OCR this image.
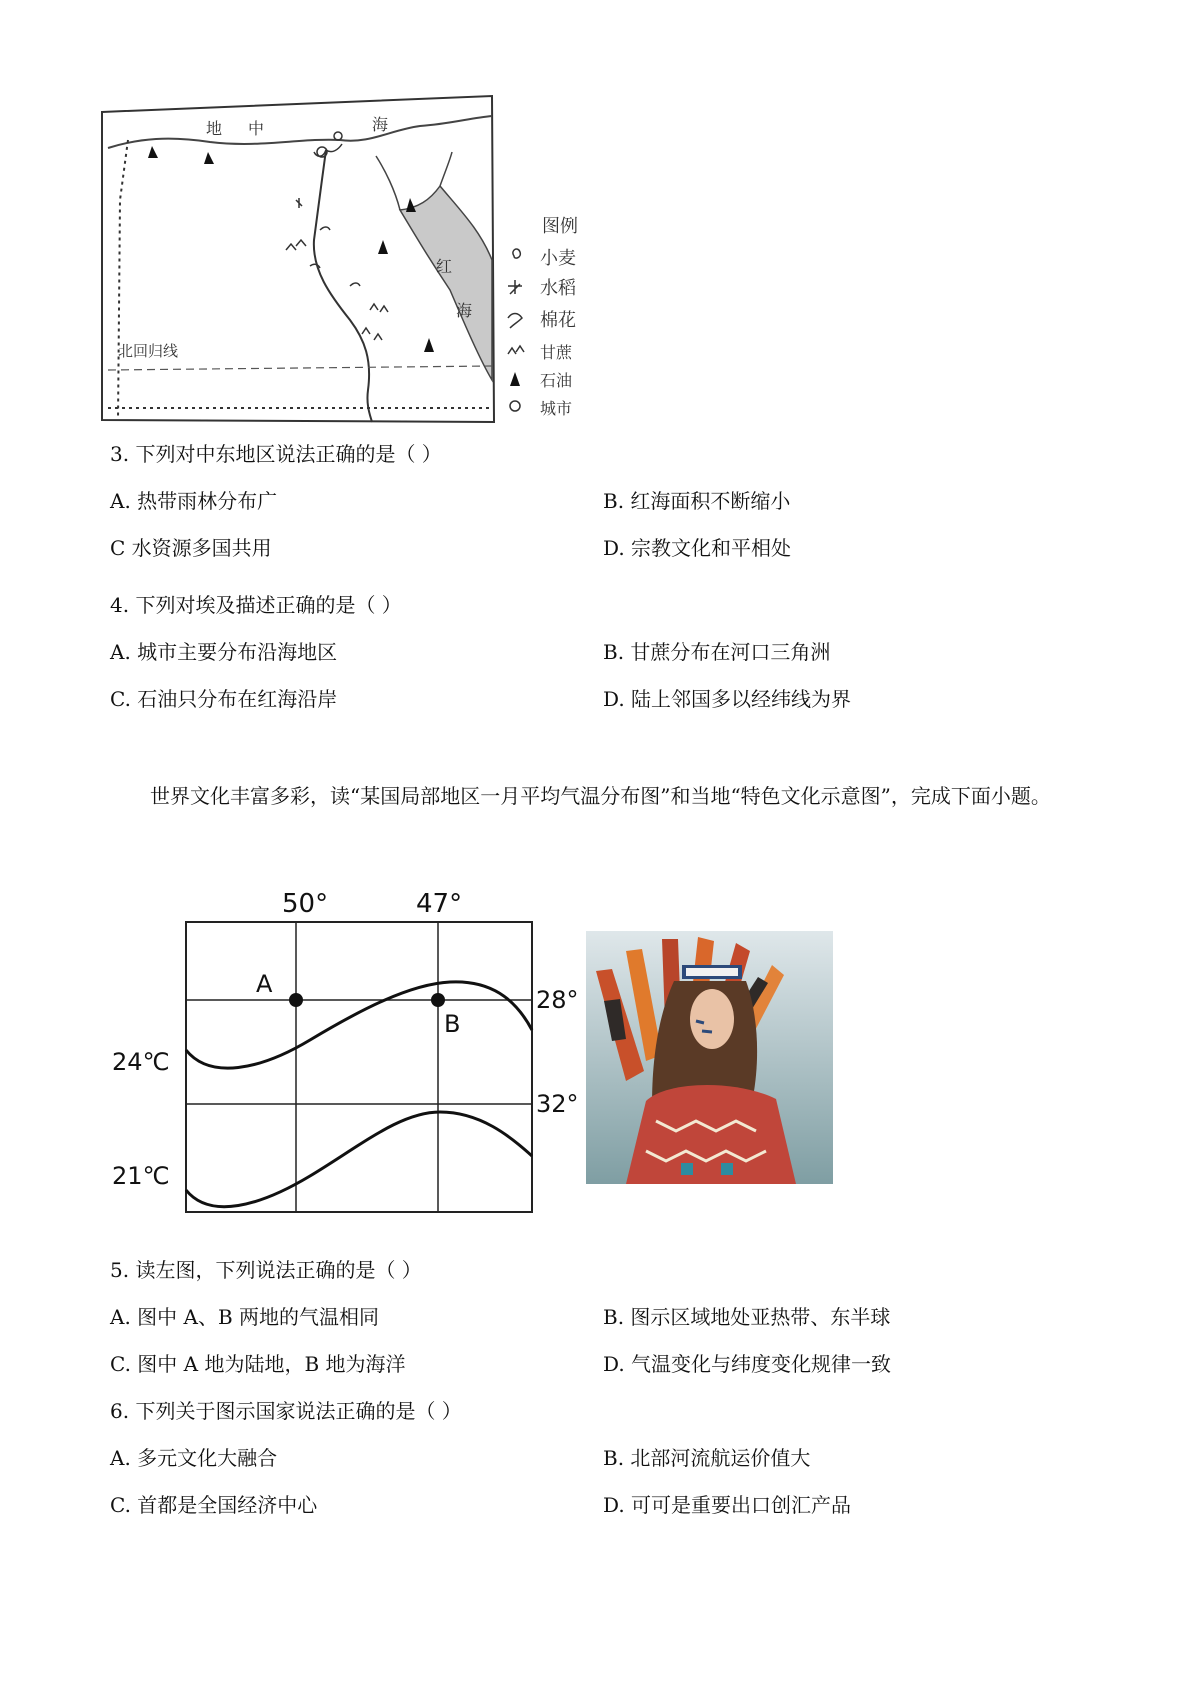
北回归线
地 中	海
红
海
图例
小麦
水稻
棉花
甘蔗
石油
城市
3. 下列对中东地区说法正确的是（ ）
A. 热带雨林分布广	B. 红海面积不断缩小
C 水资源多国共用	D. 宗教文化和平相处
4. 下列对埃及描述正确的是（ ）
A. 城市主要分布沿海地区	B. 甘蔗分布在河口三角洲
C. 石油只分布在红海沿岸	D. 陆上邻国多以经纬线为界
世界文化丰富多彩，读“某国局部地区一月平均气温分布图”和当地“特色文化示意图”，完成下面小题。
A
B
50°	47°
28°
32°
24℃
21℃
5. 读左图，下列说法正确的是（ ）
A. 图中 A、B 两地的气温相同	B. 图示区域地处亚热带、东半球
C. 图中 A 地为陆地，B 地为海洋	D. 气温变化与纬度变化规律一致
6. 下列关于图示国家说法正确的是（ ）
A. 多元文化大融合	B. 北部河流航运价值大
C. 首都是全国经济中心	D. 可可是重要出口创汇产品
